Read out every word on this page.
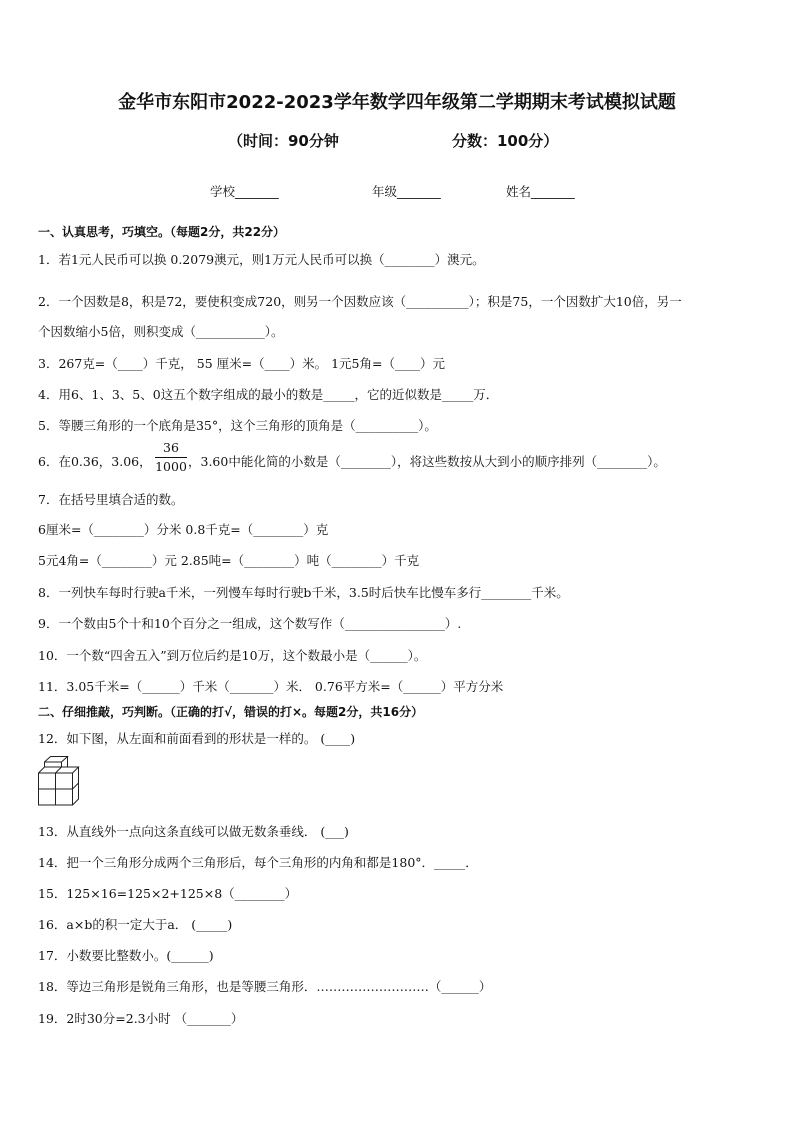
金华市东阳市2022-2023学年数学四年级第二学期期末考试模拟试题
（时间：90分钟	分数：100分）
学校_______	年级_______	姓名_______
一、认真思考，巧填空。（每题2分，共22分）
1．若1元人民币可以换 0.2079澳元，则1万元人民币可以换（________）澳元。
2．一个因数是8，积是72，要使积变成720，则另一个因数应该（__________）；积是75，一个因数扩大10倍，另一
个因数缩小5倍，则积变成（___________）。
3．267克=（____）千克， 55 厘米=（____）米。 1元5角=（____）元
4．用6、1、3、5、0这五个数字组成的最小的数是_____，它的近似数是_____万．
5．等腰三角形的一个底角是35°，这个三角形的顶角是（__________）。
6．在0.36，3.06，
36
1000 ，3.60中能化简的小数是（________），将这些数按从大到小的顺序排列（________）。
7．在括号里填合适的数。
6厘米=（________）分米 0.8千克=（________）克
5元4角=（________）元 2.85吨=（________）吨（________）千克
8．一列快车每时行驶a千米，一列慢车每时行驶b千米，3.5时后快车比慢车多行________千米。
9．一个数由5个十和10个百分之一组成，这个数写作（________________）.
10．一个数“四舍五入”到万位后约是10万，这个数最小是（______）。
11．3.05千米=（______）千米（_______）米． 0.76平方米=（______）平方分米
二、仔细推敲，巧判断。（正确的打√，错误的打×。每题2分，共16分）
12．如下图，从左面和前面看到的形状是一样的。 (____)
13．从直线外一点向这条直线可以做无数条垂线． (___)
14．把一个三角形分成两个三角形后，每个三角形的内角和都是180°．_____．
15．125×16=125×2+125×8（________）
16．a×b的积一定大于a． (_____)
17．小数要比整数小。(______)
18．等边三角形是锐角三角形，也是等腰三角形．………………………（______）
19．2时30分=2.3小时 （_______）
